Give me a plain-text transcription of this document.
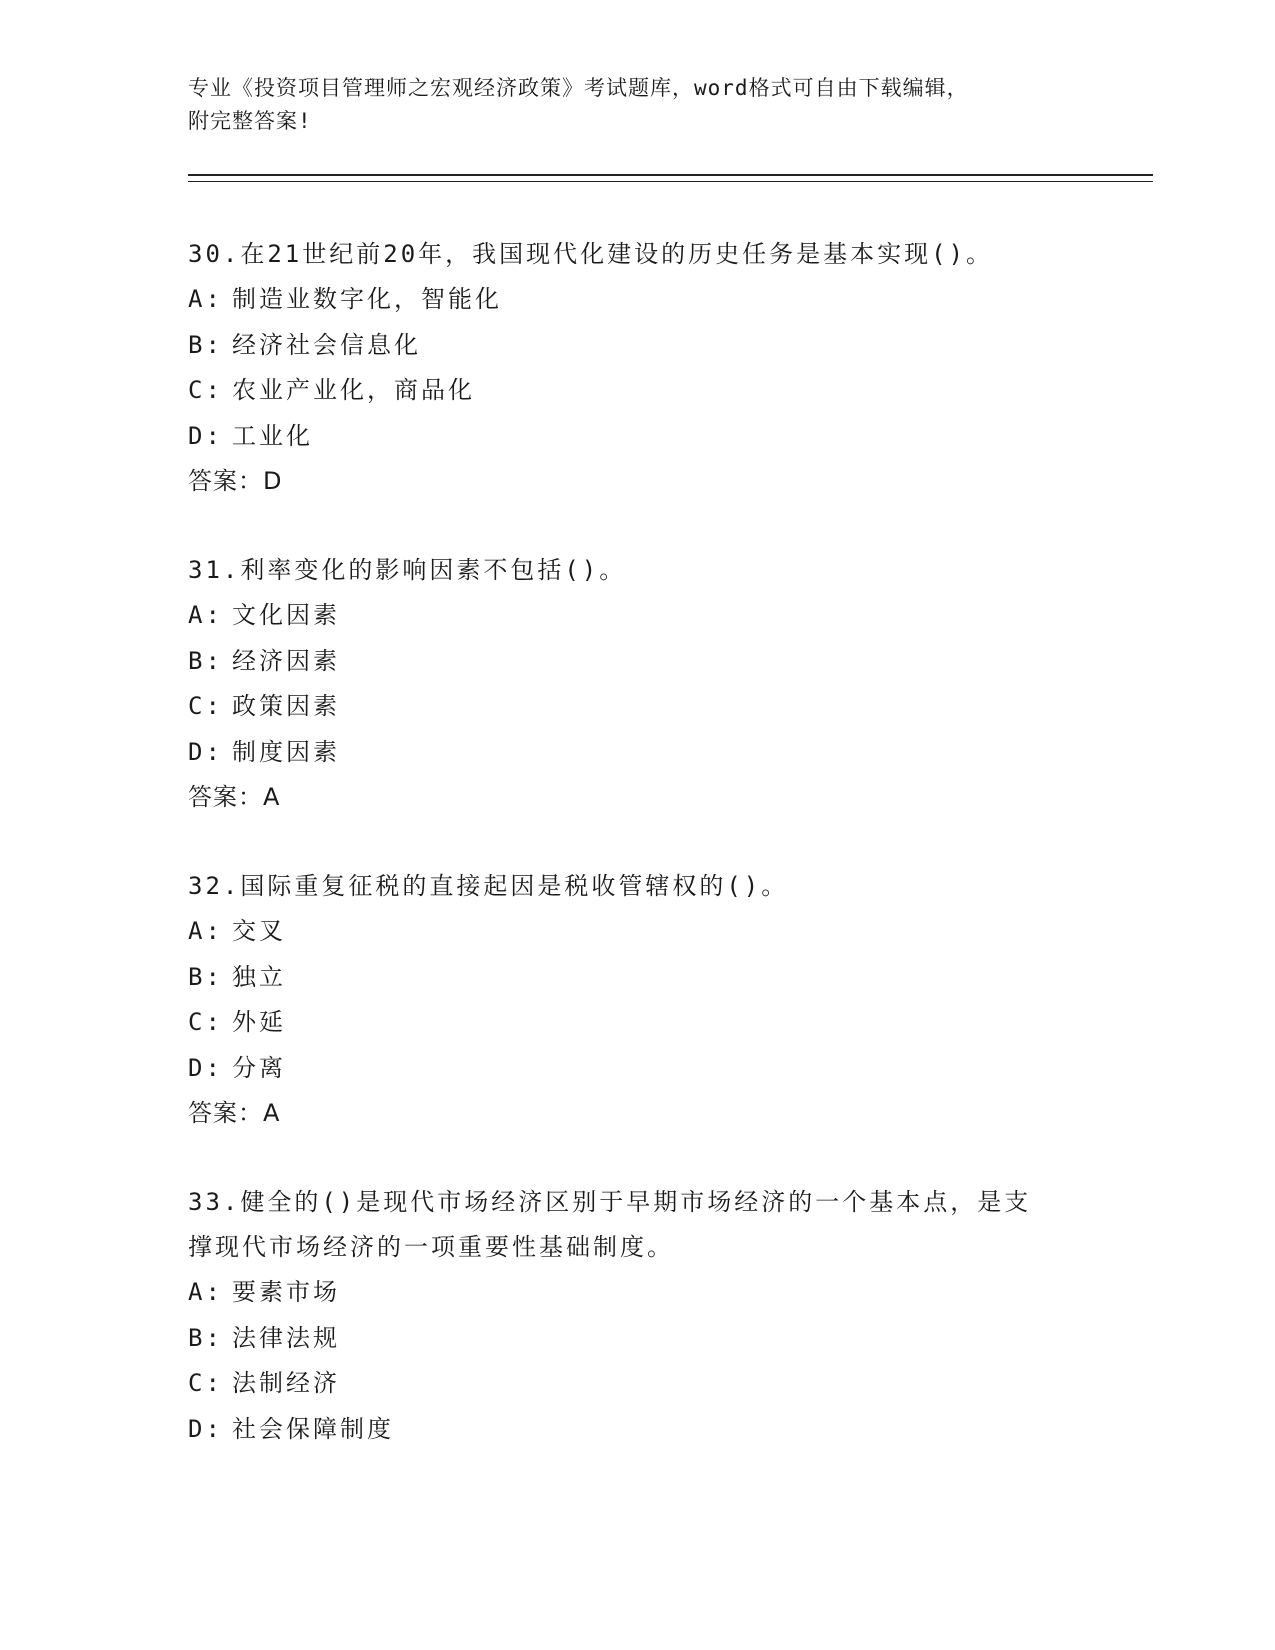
专业《投资项目管理师之宏观经济政策》考试题库，word格式可自由下载编辑，
附完整答案!

30.在21世纪前20年，我国现代化建设的历史任务是基本实现()。

A: 制造业数字化，智能化

B: 经济社会信息化

C: 农业产业化，商品化

D: 工业化

答案：D

31.利率变化的影响因素不包括()。

A: 文化因素

B: 经济因素

C: 政策因素

D: 制度因素

答案：A

32.国际重复征税的直接起因是税收管辖权的()。

A: 交叉

B: 独立

C: 外延

D: 分离

答案：A

33.健全的()是现代市场经济区别于早期市场经济的一个基本点，是支撑现代市场经济的一项重要性基础制度。

A: 要素市场

B: 法律法规

C: 法制经济

D: 社会保障制度
